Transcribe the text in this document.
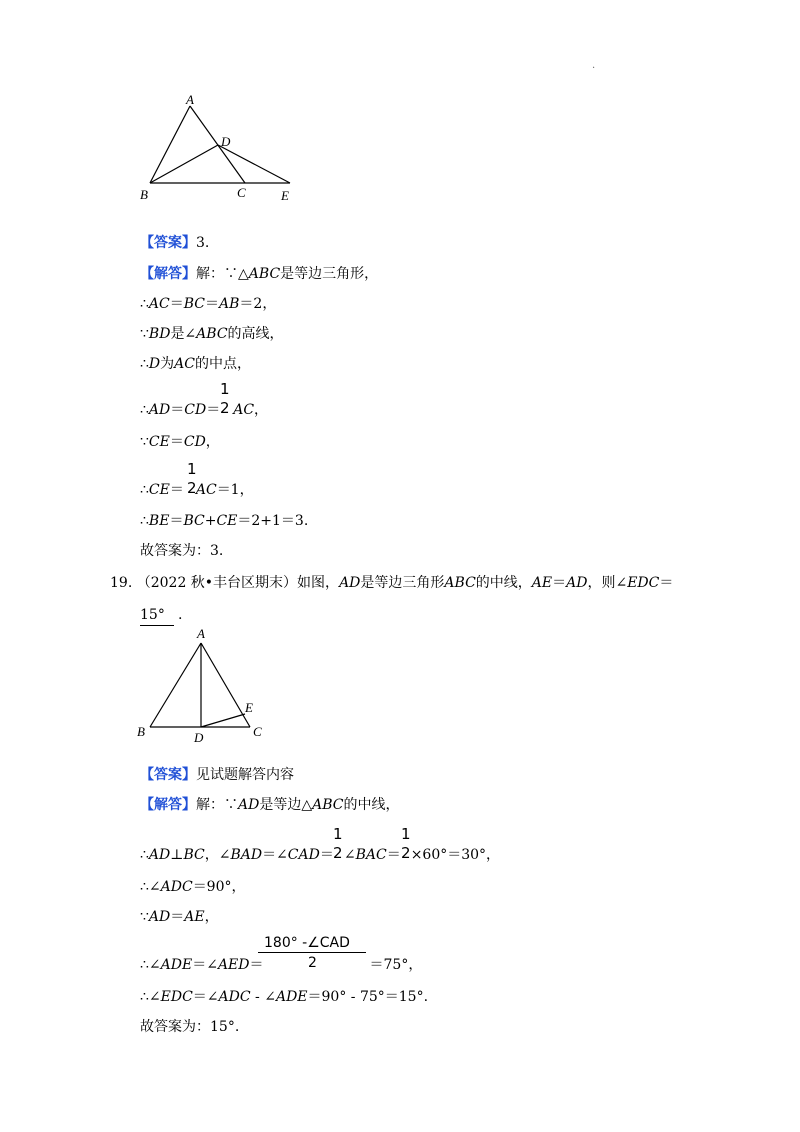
.
A
B	C
D
E
【答案】3.
【解答】解：∵△ABC是等边三角形，
∴AC＝BC＝AB＝2，
∵BD是∠ABC的高线，
∴D为AC的中点，
1
2
∴AD＝CD＝ AC，
∵CE＝CD，
1
2
∴CE＝ AC＝1，
∴BE＝BC+CE＝2+1＝3.
故答案为：3.
19. （2022 秋•丰台区期末）如图，AD是等边三角形ABC的中线，AE＝AD，则∠EDC＝
15° .
A
B	C
D
E
【答案】见试题解答内容
【解答】解：∵AD是等边△ABC的中线，
1
2
1
2
∴AD⊥BC，∠BAD＝∠CAD＝ ∠BAC＝ ×60°＝30°，
∴∠ADC＝90°，
∵AD＝AE，
180° -∠CAD
2
∴∠ADE＝∠AED＝	＝75°，
∴∠EDC＝∠ADC - ∠ADE＝90° - 75°＝15°.
故答案为：15°.
